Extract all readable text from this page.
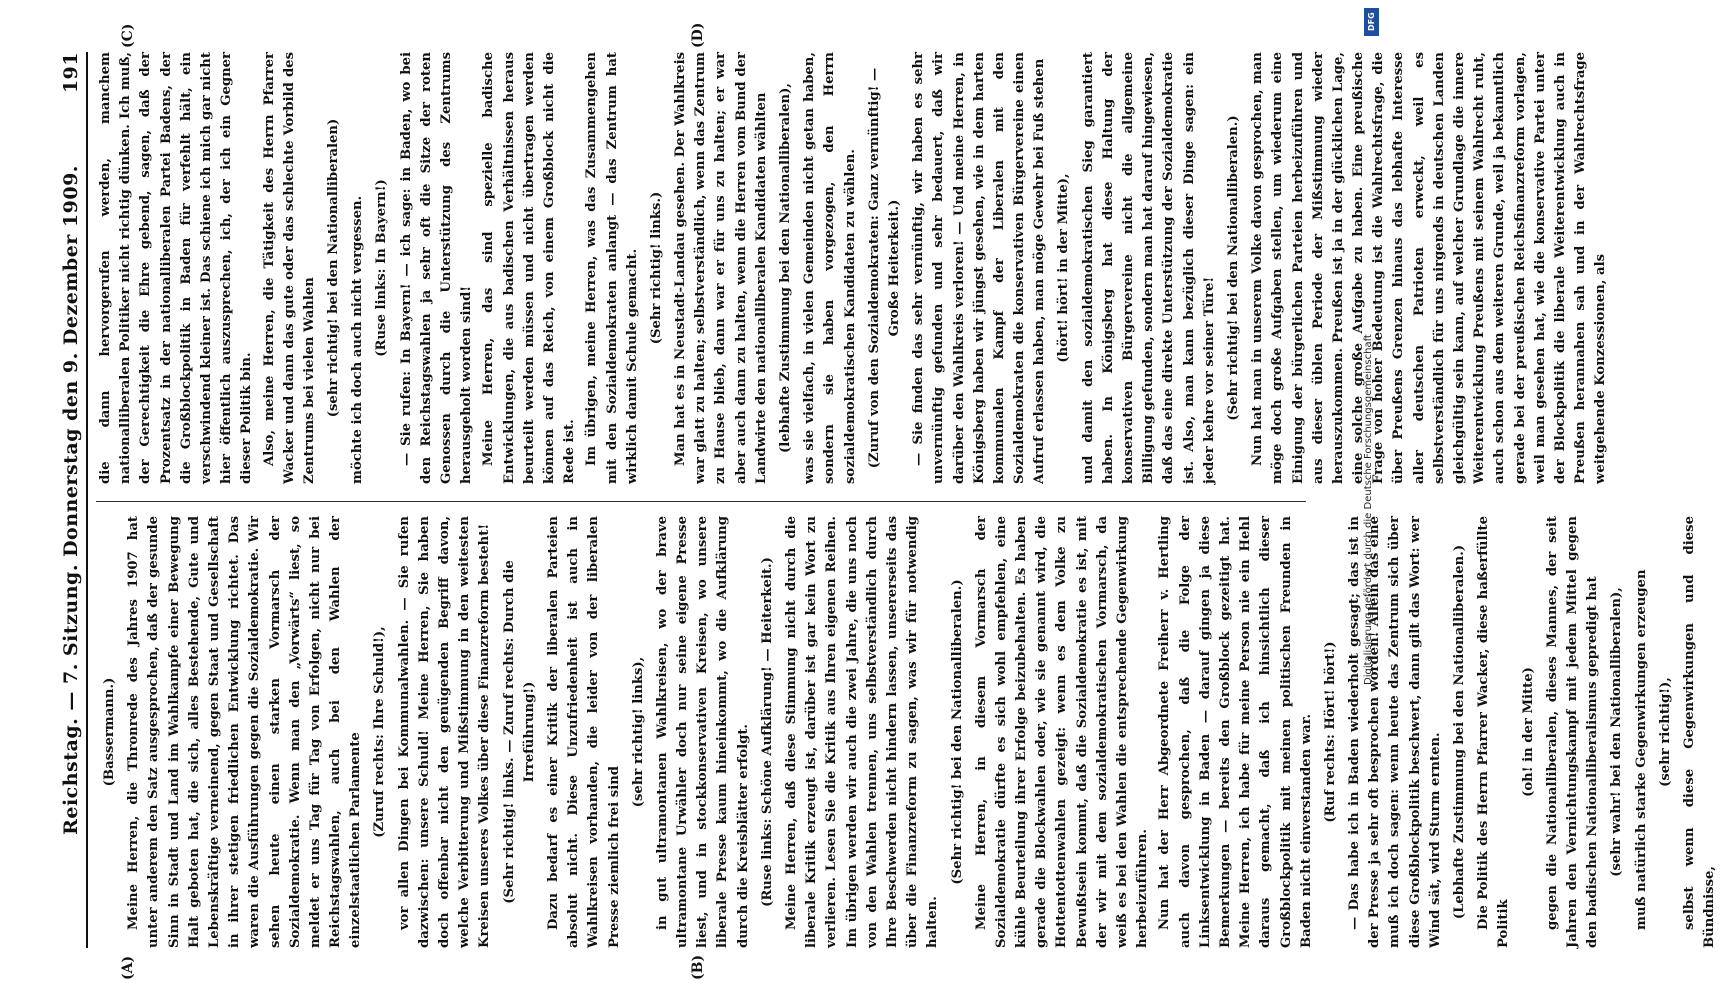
Reichstag. — 7. Sitzung. Donnerstag den 9. Dezember 1909.
191
(A)	(B)
(C)	(D)

(Bassermann.) Meine Herren, die Thronrede des Jahres 1907 hat unter anderem den Satz ausgesprochen, daß der gesunde Sinn in Stadt und Land im Wahlkampfe einer Bewegung Halt geboten hat, die sich, alles Bestehende, Gute und Lebenskräftige verneinend, gegen Staat und Gesellschaft in ihrer stetigen friedlichen Entwicklung richtet. Das waren die Ausführungen gegen die Sozialdemokratie. Wir sehen heute einen starken Vormarsch der Sozialdemokratie. Wenn man den „Vorwärts“ liest, so meldet er uns Tag für Tag von Erfolgen, nicht nur bei Reichstagswahlen, auch bei den Wahlen der einzelstaatlichen Parlamente

(Zuruf rechts: Ihre Schuld!), vor allen Dingen bei Kommunalwahlen. — Sie rufen dazwischen: unsere Schuld! Meine Herren, Sie haben doch offenbar nicht den genügenden Begriff davon, welche Verbitterung und Mißstimmung in den weitesten Kreisen unseres Volkes über diese Finanzreform besteht! (Sehr richtig! links. — Zuruf rechts: Durch die Irreführung!) Dazu bedarf es einer Kritik der liberalen Parteien absolut nicht. Diese Unzufriedenheit ist auch in Wahlkreisen vorhanden, die leider von der liberalen Presse ziemlich frei sind

(sehr richtig! links), in gut ultramontanen Wahlkreisen, wo der brave ultramontane Urwähler doch nur seine eigene Presse liest, und in stockkonservativen Kreisen, wo unsere liberale Presse kaum hineinkommt, wo die Aufklärung durch die Kreisblätter erfolgt. (Ruse links: Schöne Aufklärung! — Heiterkeit.) Meine Herren, daß diese Stimmung nicht durch die liberale Kritik erzeugt ist, darüber ist gar kein Wort zu verlieren. Lesen Sie die Kritik aus Ihren eigenen Reihen. Im übrigen werden wir auch die zwei Jahre, die uns noch von den Wahlen trennen, uns selbstverständlich durch Ihre Beschwerden nicht hindern lassen, unsererseits das über die Finanzreform zu sagen, was wir für notwendig halten.

(Sehr richtig! bei den Nationalliberalen.) Meine Herren, in diesem Vormarsch der Sozialdemokratie dürfte es sich wohl empfehlen, eine kühle Beurteilung ihrer Erfolge beizubehalten. Es haben gerade die Blockwahlen oder, wie sie genannt wird, die Hottentottenwahlen gezeigt: wenn es dem Volke zu Bewußtsein kommt, daß die Sozialdemokratie es ist, mit der wir mit dem sozialdemokratischen Vormarsch, da weiß es bei den Wahlen die entsprechende Gegenwirkung herbeizuführen. Nun hat der Herr Abgeordnete Freiherr v. Hertling auch davon gesprochen, daß die Folge der Linksentwicklung in Baden — darauf gingen ja diese Bemerkungen — bereits den Großblock gezeitigt hat. Meine Herren, ich habe für meine Person nie ein Hehl daraus gemacht, daß ich hinsichtlich dieser Großblockpolitik mit meinen politischen Freunden in Baden nicht einverstanden war. (Ruf rechts: Hört! hört!) — Das habe ich in Baden wiederholt gesagt; das ist in der Presse ja sehr oft besprochen worden! Allein das eine muß ich doch sagen: wenn heute das Zentrum sich über diese Großblockpolitik beschwert, dann gilt das Wort: wer Wind sät, wird Sturm ernten. (Lebhafte Zustimmung bei den Nationalliberalen.) Die Politik des Herrn Pfarrer Wacker, diese haßerfüllte Politik

(oh! in der Mitte) gegen die Nationalliberalen, dieses Mannes, der seit Jahren den Vernichtungskampf mit jedem Mittel gegen den badischen Nationalliberalismus gepredigt hat (sehr wahr! bei den Nationalliberalen), muß natürlich starke Gegenwirkungen erzeugen (sehr richtig!), selbst wenn diese Gegenwirkungen und diese Bündnisse,

die dann hervorgerufen werden, manchem nationalliberalen Politiker nicht richtig dünken. Ich muß, der Gerechtigkeit die Ehre gebend, sagen, daß der Prozentsatz in der nationalliberalen Partei Badens, der die Großblockpolitik in Baden für verfehlt hält, ein verschwindend kleiner ist. Das schiene ich mich gar nicht hier öffentlich auszusprechen, ich, der ich ein Gegner dieser Politik bin. Also, meine Herren, die Tätigkeit des Herrn Pfarrer Wacker und dann das gute oder das schlechte Vorbild des Zentrums bei vielen Wahlen (sehr richtig! bei den Nationalliberalen) möchte ich doch auch nicht vergessen. (Ruse links: In Bayern!) — Sie rufen: In Bayern! — ich sage: in Baden, wo bei den Reichstagswahlen ja sehr oft die Sitze der roten Genossen durch die Unterstützung des Zentrums herausgeholt worden sind! Meine Herren, das sind spezielle badische Entwicklungen, die aus badischen Verhältnissen heraus beurteilt werden müssen und nicht übertragen werden können auf das Reich, von einem Großblock nicht die Rede ist. Im übrigen, meine Herren, was das Zusammengehen mit den Sozialdemokraten anlangt — das Zentrum hat wirklich damit Schule gemacht. (Sehr richtig! links.) Man hat es in Neustadt-Landau gesehen. Der Wahlkreis war glatt zu halten; selbstverständlich, wenn das Zentrum zu Hause blieb, dann war er für uns zu halten; er war aber auch dann zu halten, wenn die Herren vom Bund der Landwirte den nationalliberalen Kandidaten wählten (lebhafte Zustimmung bei den Nationalliberalen), was sie vielfach, in vielen Gemeinden nicht getan haben, sondern sie haben vorgezogen, den Herrn sozialdemokratischen Kandidaten zu wählen. (Zuruf von den Sozialdemokraten: Ganz vernünftig! — Große Heiterkeit.) — Sie finden das sehr vernünftig, wir haben es sehr unvernünftig gefunden und sehr bedauert, daß wir darüber den Wahlkreis verloren! — Und meine Herren, in Königsberg haben wir jüngst gesehen, wie in dem harten kommunalen Kampf der Liberalen mit den Sozialdemokraten die konservativen Bürgervereine einen Aufruf erlassen haben, man möge Gewehr bei Fuß stehen (hört! hört! in der Mitte), und damit den sozialdemokratischen Sieg garantiert haben. In Königsberg hat diese Haltung der konservativen Bürgervereine nicht die allgemeine Billigung gefunden, sondern man hat darauf hingewiesen, daß das eine direkte Unterstützung der Sozialdemokratie ist. Also, man kann bezüglich dieser Dinge sagen: ein jeder kehre vor seiner Türe! (Sehr richtig! bei den Nationalliberalen.) Nun hat man in unserem Volke davon gesprochen, man möge doch große Aufgaben stellen, um wiederum eine Einigung der bürgerlichen Parteien herbeizuführen und aus dieser üblen Periode der Mißstimmung wieder herauszukommen. Preußen ist ja in der glücklichen Lage, eine solche große Aufgabe zu haben. Eine preußische Frage von hoher Bedeutung ist die Wahlrechtsfrage, die über Preußens Grenzen hinaus das lebhafte Interesse aller deutschen Patrioten erweckt, weil es selbstverständlich für uns nirgends in deutschen Landen gleichgültig sein kann, auf welcher Grundlage die innere Weiterentwicklung Preußens mit seinem Wahlrecht ruht, auch schon aus dem weiteren Grunde, weil ja bekanntlich gerade bei der preußischen Reichsfinanzreform vorlagen, weil man gesehen hat, wie die konservative Partei unter der Blockpolitik die liberale Weiterentwicklung auch in Preußen herannahen sah und in der Wahlrechtsfrage weitgehende Konzessionen, als

DFG
Digitalisierung gefördert durch die Deutsche Forschungsgemeinschaft
